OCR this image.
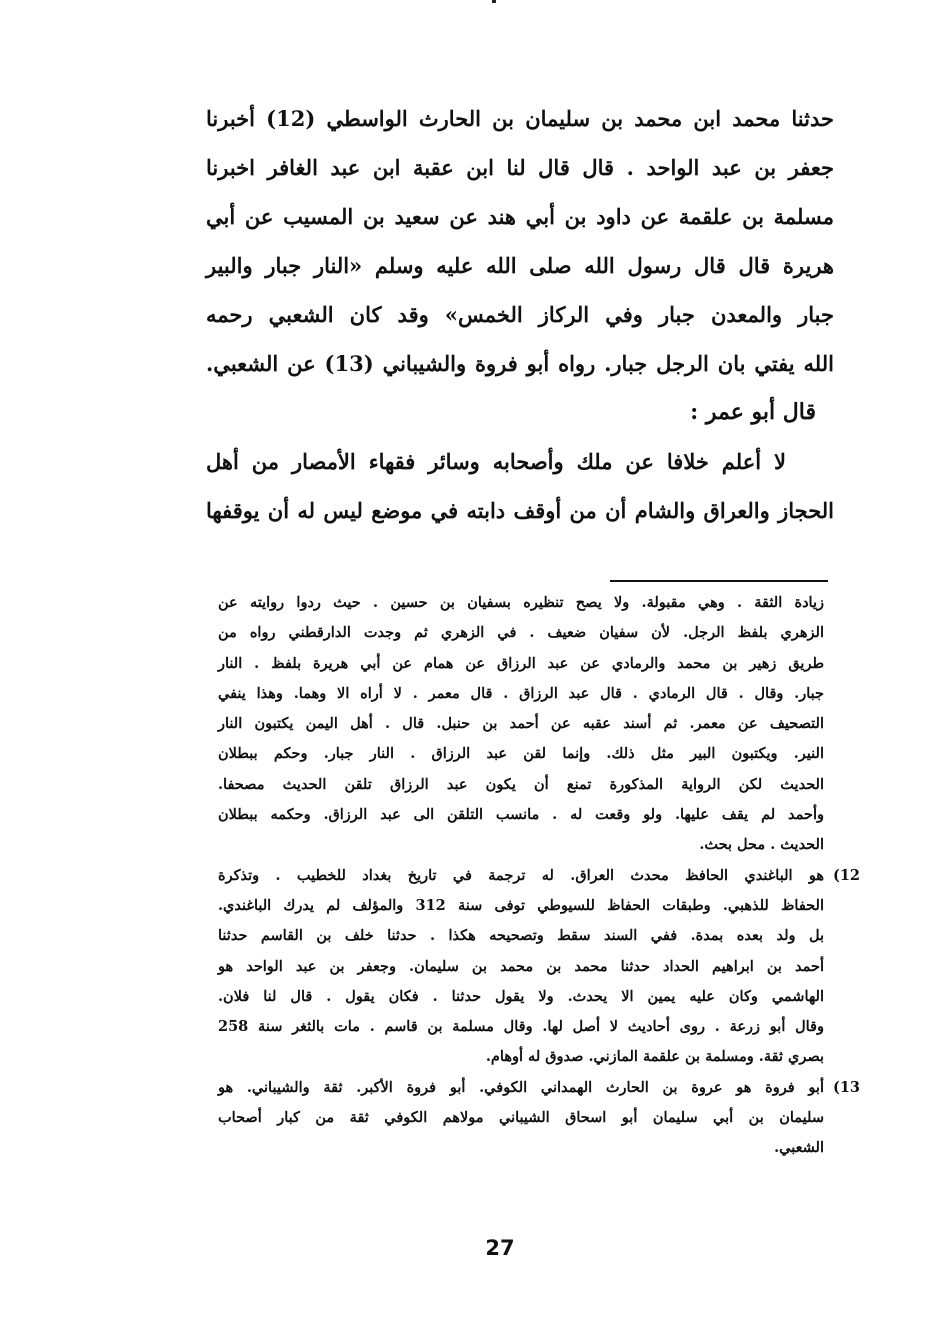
حدثنا محمد ابن محمد بن سليمان بن الحارث الواسطي (12) أخبرنا
جعفر بن عبد الواحد . قال قال لنا ابن عقبة ابن عبد الغافر اخبرنا
مسلمة بن علقمة عن داود بن أبي هند عن سعيد بن المسيب عن أبي
هريرة قال قال رسول الله صلى الله عليه وسلم «النار جبار والبير
جبار والمعدن جبار وفي الركاز الخمس» وقد كان الشعبي رحمه
الله يفتي بان الرجل جبار. رواه أبو فروة والشيباني (13) عن الشعبي.
قال أبو عمر :
لا أعلم خلافا عن ملك وأصحابه وسائر فقهاء الأمصار من أهل
الحجاز والعراق والشام أن من أوقف دابته في موضع ليس له أن يوقفها
زيادة الثقة . وهي مقبولة. ولا يصح تنظيره بسفيان بن حسين . حيث ردوا روايته عن
الزهري بلفظ الرجل. لأن سفيان ضعيف . في الزهري ثم وجدت الدارقطني رواه من
طريق زهير بن محمد والرمادي عن عبد الرزاق عن همام عن أبي هريرة بلفظ . النار
جبار. وقال . قال الرمادي . قال عبد الرزاق . قال معمر . لا أراه الا وهما. وهذا ينفي
التصحيف عن معمر. ثم أسند عقبه عن أحمد بن حنبل. قال . أهل اليمن يكتبون النار
النير. ويكتبون البير مثل ذلك. وإنما لقن عبد الرزاق . النار جبار. وحكم ببطلان
الحديث لكن الرواية المذكورة تمنع أن يكون عبد الرزاق تلقن الحديث مصحفا.
وأحمد لم يقف عليها. ولو وقعت له . مانسب التلقن الى عبد الرزاق. وحكمه ببطلان
الحديث . محل بحث.
(12
هو الباغندي الحافظ محدث العراق. له ترجمة في تاريخ بغداد للخطيب . وتذكرة
الحفاظ للذهبي. وطبقات الحفاظ للسيوطي توفى سنة 312 والمؤلف لم يدرك الباغندي.
بل ولد بعده بمدة. ففي السند سقط وتصحيحه هكذا . حدثنا خلف بن القاسم حدثنا
أحمد بن ابراهيم الحداد حدثنا محمد بن محمد بن سليمان. وجعفر بن عبد الواحد هو
الهاشمي وكان عليه يمين الا يحدث. ولا يقول حدثنا . فكان يقول . قال لنا فلان.
وقال أبو زرعة . روى أحاديث لا أصل لها. وقال مسلمة بن قاسم . مات بالثغر سنة 258
بصري ثقة. ومسلمة بن علقمة المازني. صدوق له أوهام.
(13
أبو فروة هو عروة بن الحارث الهمداني الكوفي. أبو فروة الأكبر. ثقة والشيباني. هو
سليمان بن أبي سليمان أبو اسحاق الشيباني مولاهم الكوفي ثقة من كبار أصحاب
الشعبي.
27
